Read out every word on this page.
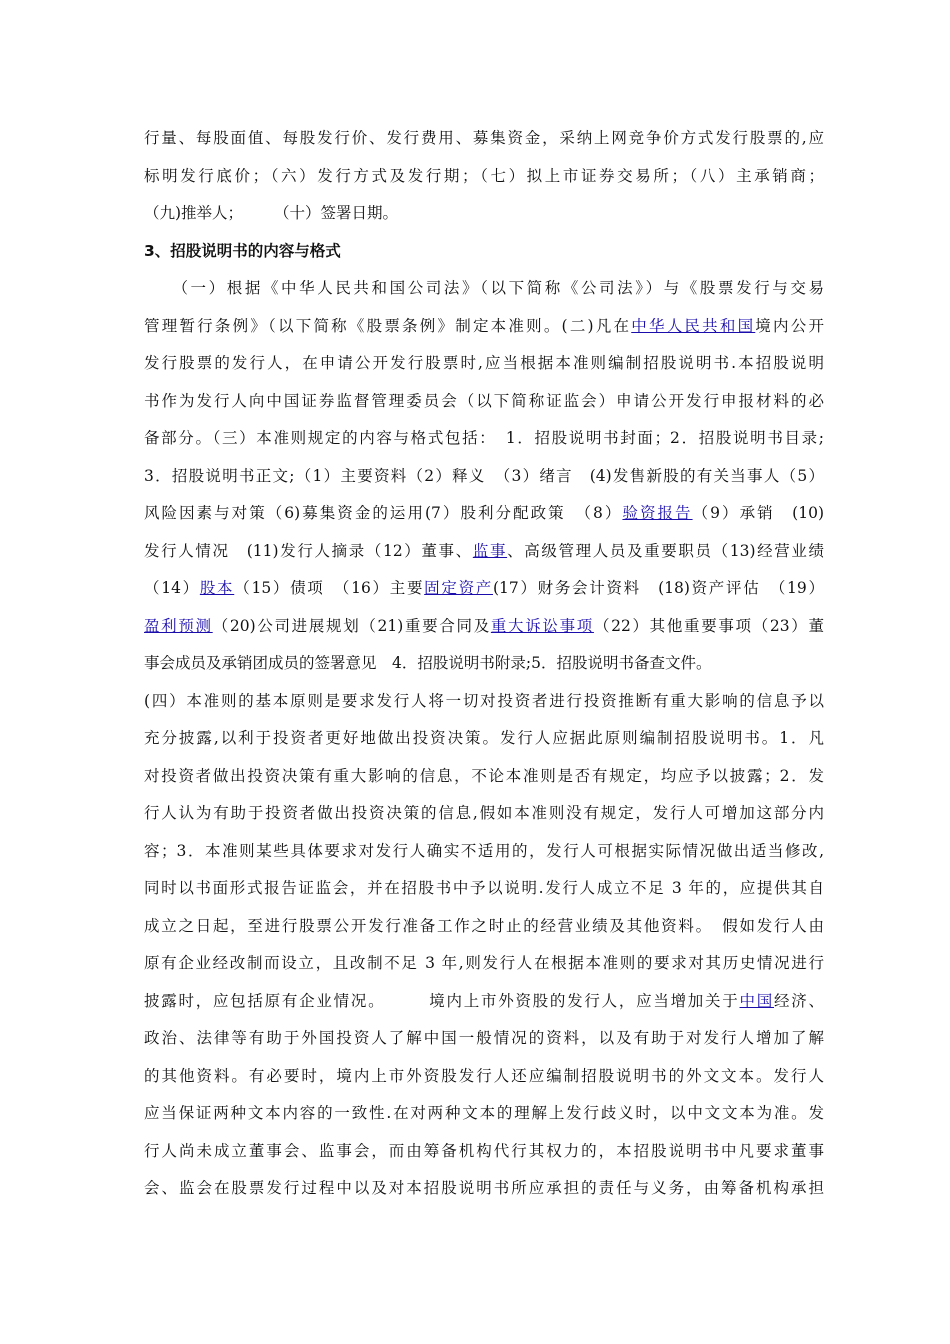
行量、每股面值、每股发行价、发行费用、募集资金，采纳上网竞争价方式发行股票的,应
标明发行底价；（六）发行方式及发行期；（七）拟上市证券交易所；（八）主承销商；
（九)推举人；　　　（十）签署日期。
3、招股说明书的内容与格式
　　（一）根据《中华人民共和国公司法》（以下简称《公司法》）与《股票发行与交易
管理暂行条例》（以下简称《股票条例》制定本准则。(二)凡在中华人民共和国境内公开
发行股票的发行人，在申请公开发行股票时,应当根据本准则编制招股说明书.本招股说明
书作为发行人向中国证券监督管理委员会（以下简称证监会）申请公开发行申报材料的必
备部分。（三）本准则规定的内容与格式包括：　1．招股说明书封面；2．招股说明书目录;
3．招股说明书正文;（1）主要资料（2）释义　（3）绪言　(4)发售新股的有关当事人（5）
风险因素与对策（6)募集资金的运用(7）股利分配政策　（8）验资报告（9）承销　(10)
发行人情况　(11)发行人摘录（12）董事、监事、高级管理人员及重要职员（13)经营业绩
（14）股本（15）债项　（16）主要固定资产(17）财务会计资料　(18)资产评估　（19）
盈利预测（20)公司进展规划（21)重要合同及重大诉讼事项（22）其他重要事项（23）董
事会成员及承销团成员的签署意见　4．招股说明书附录;5．招股说明书备查文件。
(四）本准则的基本原则是要求发行人将一切对投资者进行投资推断有重大影响的信息予以
充分披露,以利于投资者更好地做出投资决策。发行人应据此原则编制招股说明书。1．凡
对投资者做出投资决策有重大影响的信息，不论本准则是否有规定，均应予以披露；2．发
行人认为有助于投资者做出投资决策的信息,假如本准则没有规定，发行人可增加这部分内
容；3．本准则某些具体要求对发行人确实不适用的，发行人可根据实际情况做出适当修改,
同时以书面形式报告证监会，并在招股书中予以说明.发行人成立不足 3 年的，应提供其自
成立之日起，至进行股票公开发行准备工作之时止的经营业绩及其他资料。　假如发行人由
原有企业经改制而设立，且改制不足 3 年,则发行人在根据本准则的要求对其历史情况进行
披露时，应包括原有企业情况。　　　境内上市外资股的发行人，应当增加关于中国经济、
政治、法律等有助于外国投资人了解中国一般情况的资料，以及有助于对发行人增加了解
的其他资料。有必要时，境内上市外资股发行人还应编制招股说明书的外文文本。发行人
应当保证两种文本内容的一致性.在对两种文本的理解上发行歧义时，以中文文本为准。发
行人尚未成立董事会、监事会，而由筹备机构代行其权力的，本招股说明书中凡要求董事
会、监会在股票发行过程中以及对本招股说明书所应承担的责任与义务，由筹备机构承担
